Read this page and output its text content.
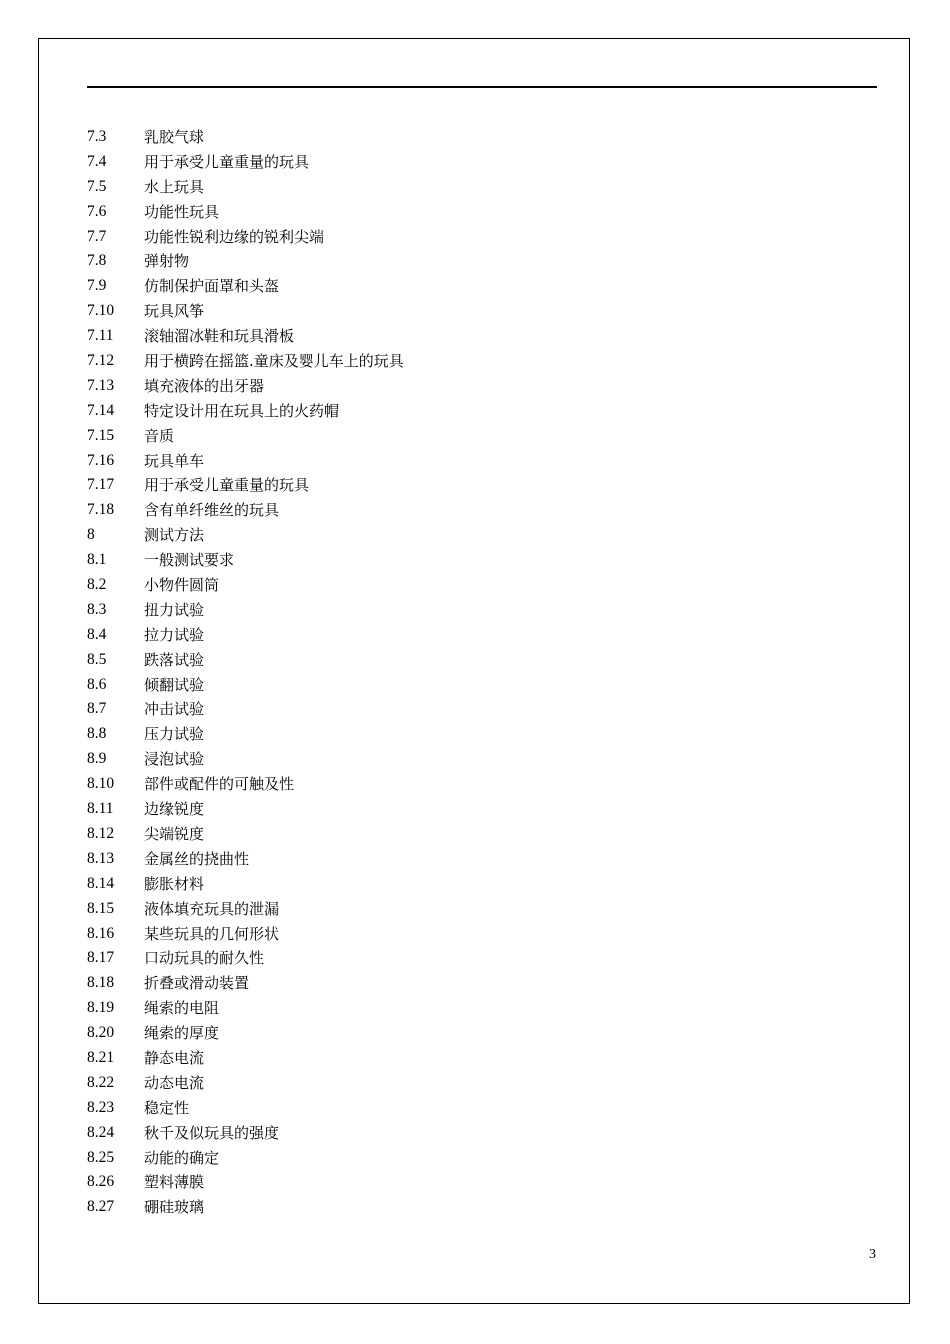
7.3	乳胶气球
7.4	用于承受儿童重量的玩具
7.5	水上玩具
7.6	功能性玩具
7.7	功能性锐利边缘的锐利尖端
7.8	弹射物
7.9	仿制保护面罩和头盔
7.10	玩具风筝
7.11	滚轴溜冰鞋和玩具滑板
7.12	用于横跨在摇篮.童床及婴儿车上的玩具
7.13	填充液体的出牙器
7.14	特定设计用在玩具上的火药帽
7.15	音质
7.16	玩具单车
7.17	用于承受儿童重量的玩具
7.18	含有单纤维丝的玩具
8	测试方法
8.1	一般测试要求
8.2	小物件圆筒
8.3	扭力试验
8.4	拉力试验
8.5	跌落试验
8.6	倾翻试验
8.7	冲击试验
8.8	压力试验
8.9	浸泡试验
8.10	部件或配件的可触及性
8.11	边缘锐度
8.12	尖端锐度
8.13	金属丝的挠曲性
8.14	膨胀材料
8.15	液体填充玩具的泄漏
8.16	某些玩具的几何形状
8.17	口动玩具的耐久性
8.18	折叠或滑动装置
8.19	绳索的电阻
8.20	绳索的厚度
8.21	静态电流
8.22	动态电流
8.23	稳定性
8.24	秋千及似玩具的强度
8.25	动能的确定
8.26	塑料薄膜
8.27	硼硅玻璃
3
